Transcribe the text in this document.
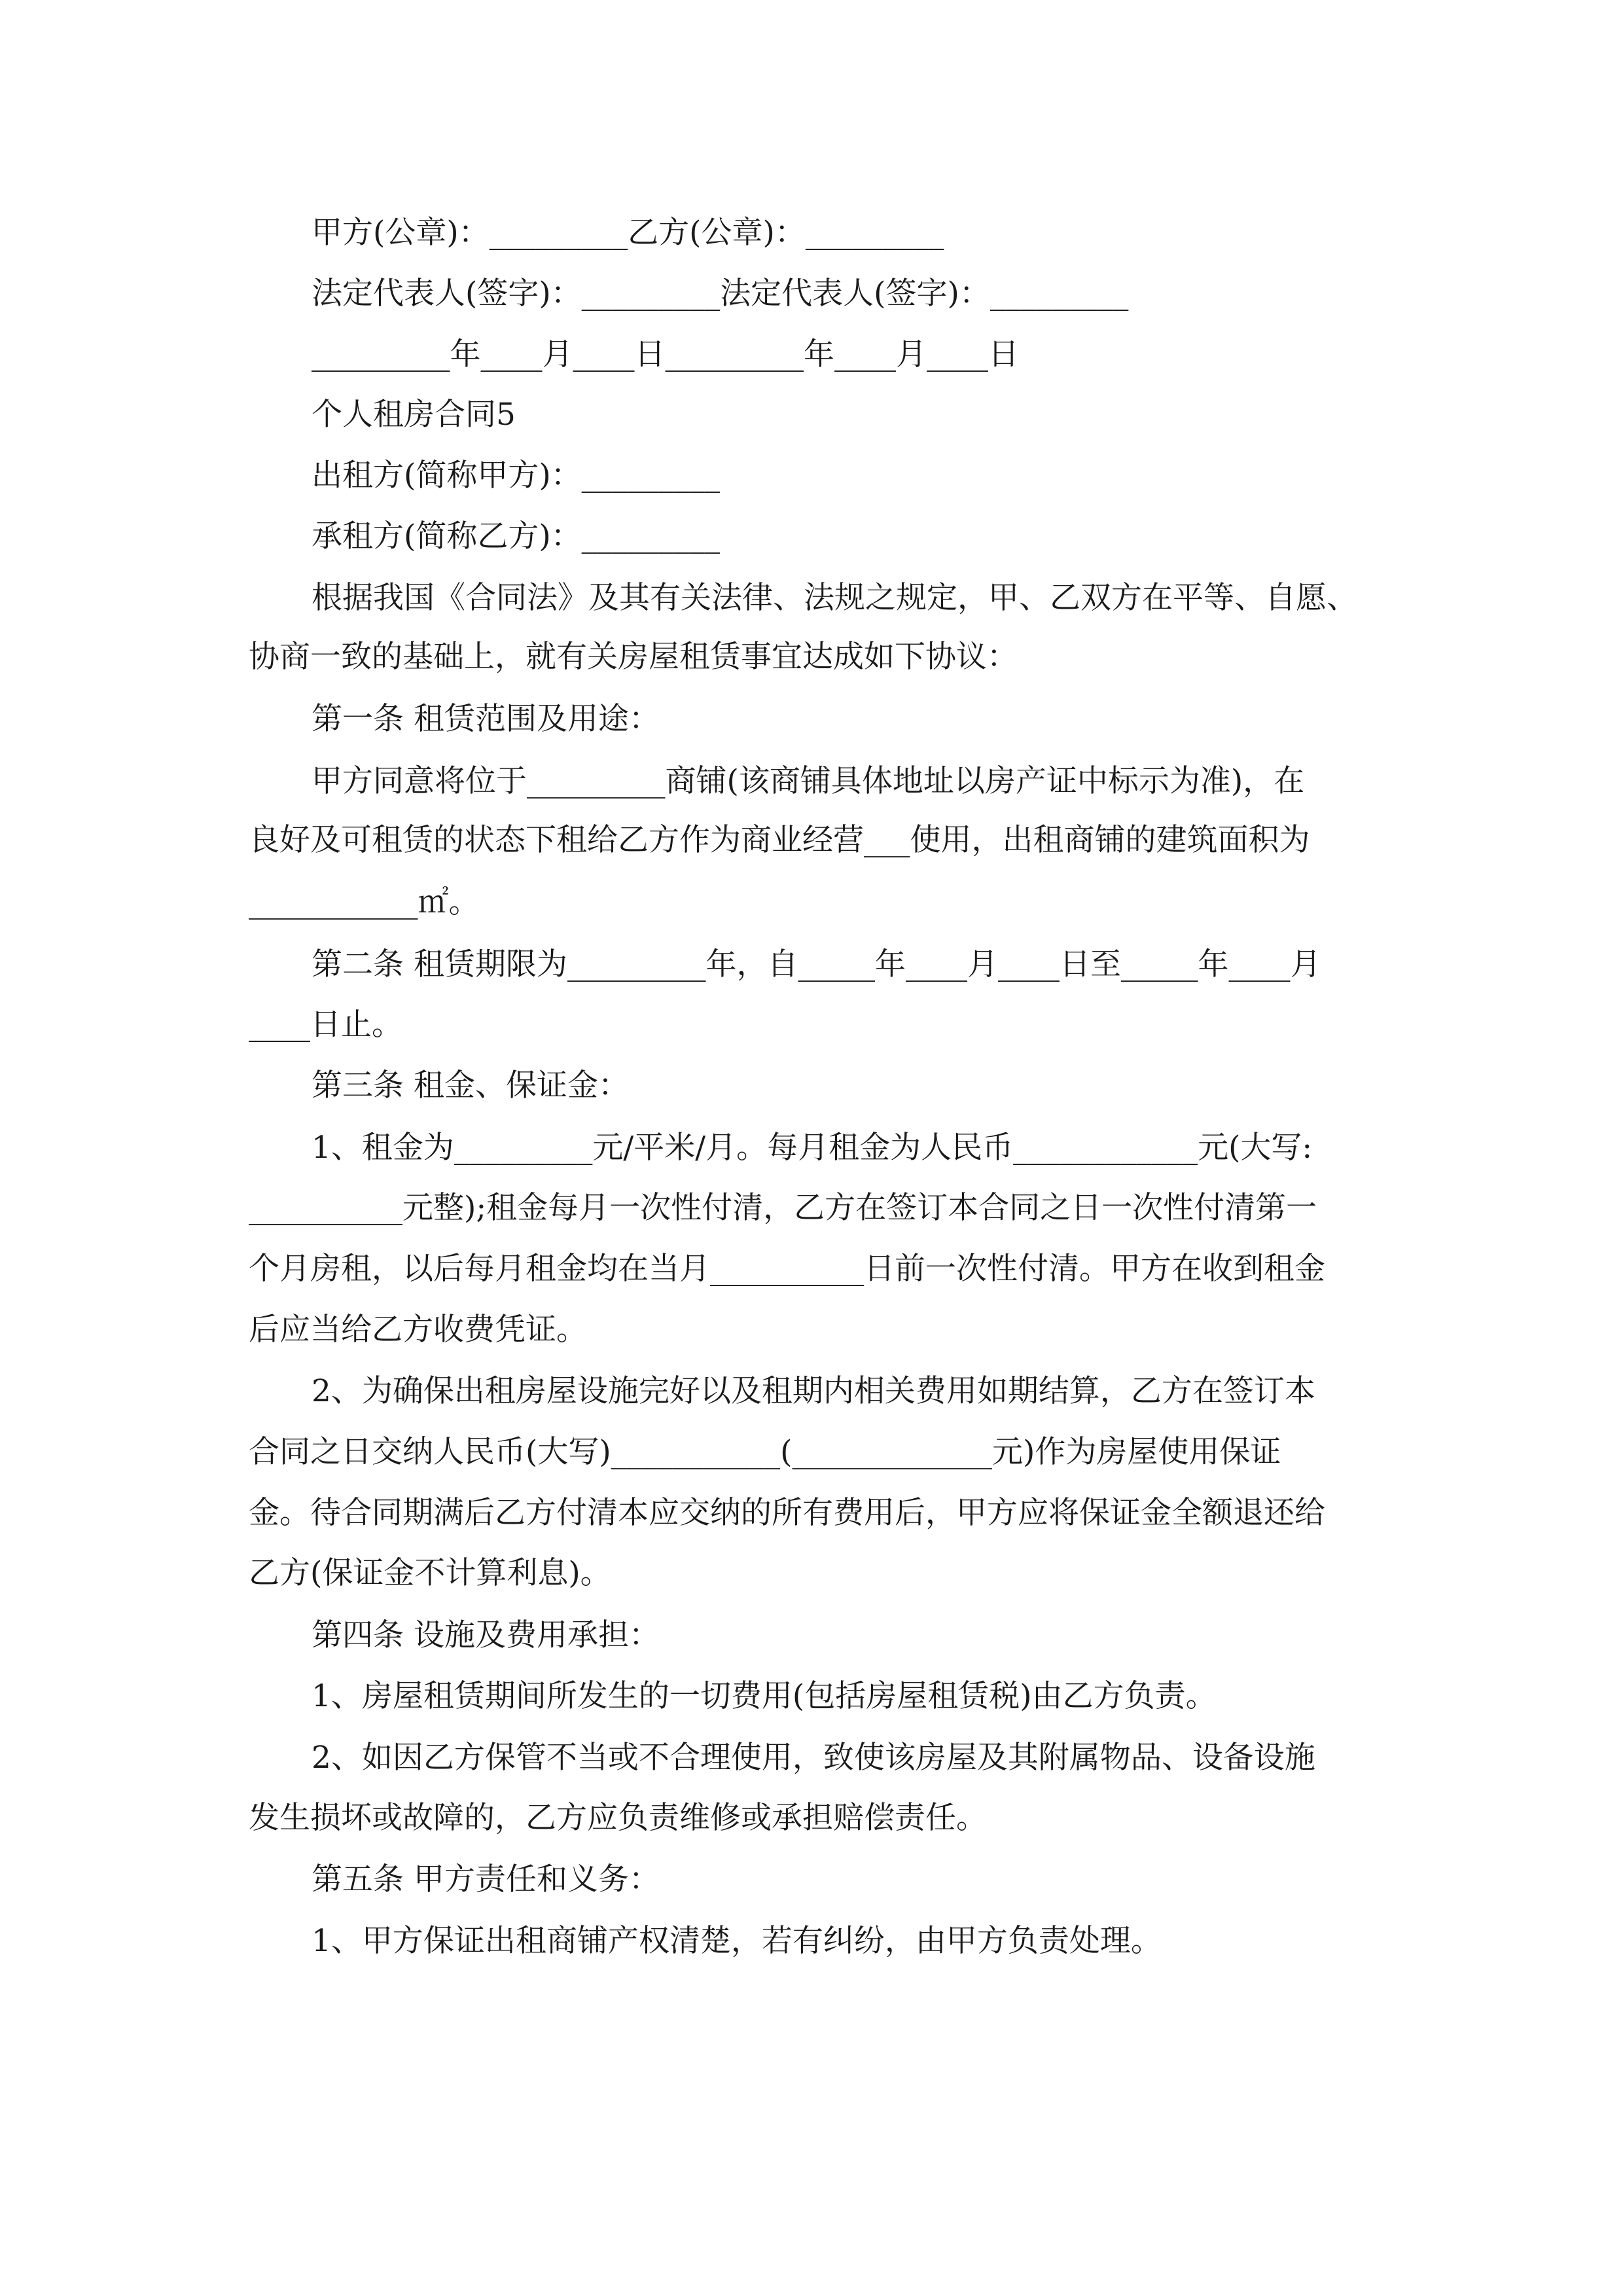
甲方(公章)：_________乙方(公章)：_________
法定代表人(签字)：_________法定代表人(签字)：_________
_________年____月____日_________年____月____日
个人租房合同5
出租方(简称甲方)：_________
承租方(简称乙方)：_________
根据我国《合同法》及其有关法律、法规之规定，甲、乙双方在平等、自愿、
协商一致的基础上，就有关房屋租赁事宜达成如下协议：
第一条 租赁范围及用途：
甲方同意将位于_________商铺(该商铺具体地址以房产证中标示为准)，在
良好及可租赁的状态下租给乙方作为商业经营___使用，出租商铺的建筑面积为
___________㎡。
第二条 租赁期限为_________年，自_____年____月____日至_____年____月
____日止。
第三条 租金、保证金：
1、租金为_________元/平米/月。每月租金为人民币____________元(大写:
__________元整);租金每月一次性付清，乙方在签订本合同之日一次性付清第一
个月房租，以后每月租金均在当月__________日前一次性付清。甲方在收到租金
后应当给乙方收费凭证。
2、为确保出租房屋设施完好以及租期内相关费用如期结算，乙方在签订本
合同之日交纳人民币(大写)___________(_____________元)作为房屋使用保证
金。待合同期满后乙方付清本应交纳的所有费用后，甲方应将保证金全额退还给
乙方(保证金不计算利息)。
第四条 设施及费用承担：
1、房屋租赁期间所发生的一切费用(包括房屋租赁税)由乙方负责。
2、如因乙方保管不当或不合理使用，致使该房屋及其附属物品、设备设施
发生损坏或故障的，乙方应负责维修或承担赔偿责任。
第五条 甲方责任和义务：
1、甲方保证出租商铺产权清楚，若有纠纷，由甲方负责处理。
